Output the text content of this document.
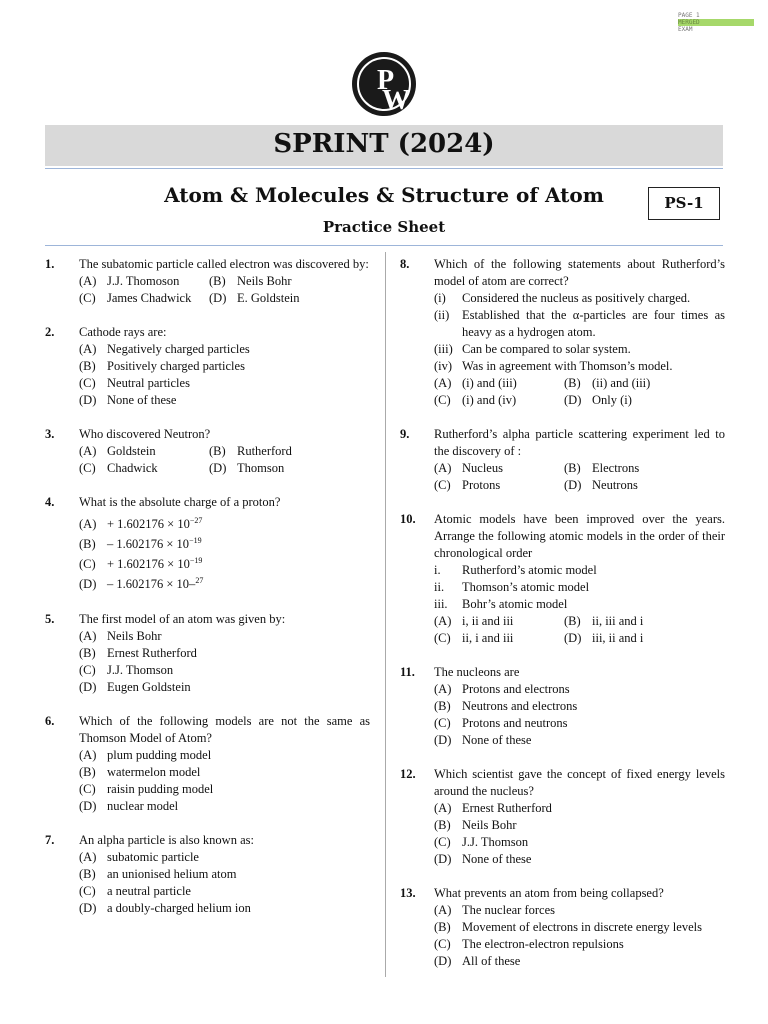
PAGE 1
MERGED
EXAM
P
W
SPRINT (2024)
Atom & Molecules & Structure of Atom
Practice Sheet
PS-1
1. The subatomic particle called electron was discovered by:
(A) J.J. Thomoson	(B) Neils Bohr
(C) James Chadwick	(D) E. Goldstein
2. Cathode rays are:
(A) Negatively charged particles
(B) Positively charged particles
(C) Neutral particles
(D) None of these
3. Who discovered Neutron?
(A) Goldstein	(B) Rutherford
(C) Chadwick	(D) Thomson
4. What is the absolute charge of a proton?
$(A) + 1.602176 \times 10^{-27}$
$(B) - 1.602176 \times 10^{-19}$
$(C) + 1.602176 \times 10^{-19}$
(D) – 1.602176 × 10–$^{27}$
5. The first model of an atom was given by:
(A) Neils Bohr
(B) Ernest Rutherford
(C) J.J. Thomson
(D) Eugen Goldstein
6. Which of the following models are not the same as Thomson Model of Atom?
(A) plum pudding model
(B) watermelon model
(C) raisin pudding model
(D) nuclear model
7. An alpha particle is also known as:
(A) subatomic particle
(B) an unionised helium atom
(C) a neutral particle
(D) a doubly-charged helium ion
8. Which of the following statements about Rutherford’s model of atom are correct?
(i)	Considered the nucleus as positively charged.
(ii)	Established that the α-particles are four times as heavy as a hydrogen atom.
(iii) Can be compared to solar system.
(iv) Was in agreement with Thomson’s model.
(A) (i) and (iii)	(B) (ii) and (iii)
(C) (i) and (iv)	(D) Only (i)
9. Rutherford’s alpha particle scattering experiment led to the discovery of :
(A) Nucleus	(B) Electrons
(C) Protons	(D) Neutrons
10. Atomic models have been improved over the years. Arrange the following atomic models in the order of their chronological order
i.	Rutherford’s atomic model
ii.	Thomson’s atomic model
iii.	Bohr’s atomic model
(A) i, ii and iii	(B) ii, iii and i
(C) ii, i and iii	(D) iii, ii and i
11. The nucleons are
(A) Protons and electrons
(B) Neutrons and electrons
(C) Protons and neutrons
(D) None of these
12. Which scientist gave the concept of fixed energy levels around the nucleus?
(A) Ernest Rutherford
(B) Neils Bohr
(C) J.J. Thomson
(D) None of these
13. What prevents an atom from being collapsed?
(A) The nuclear forces
(B) Movement of electrons in discrete energy levels
(C) The electron-electron repulsions
(D) All of these
